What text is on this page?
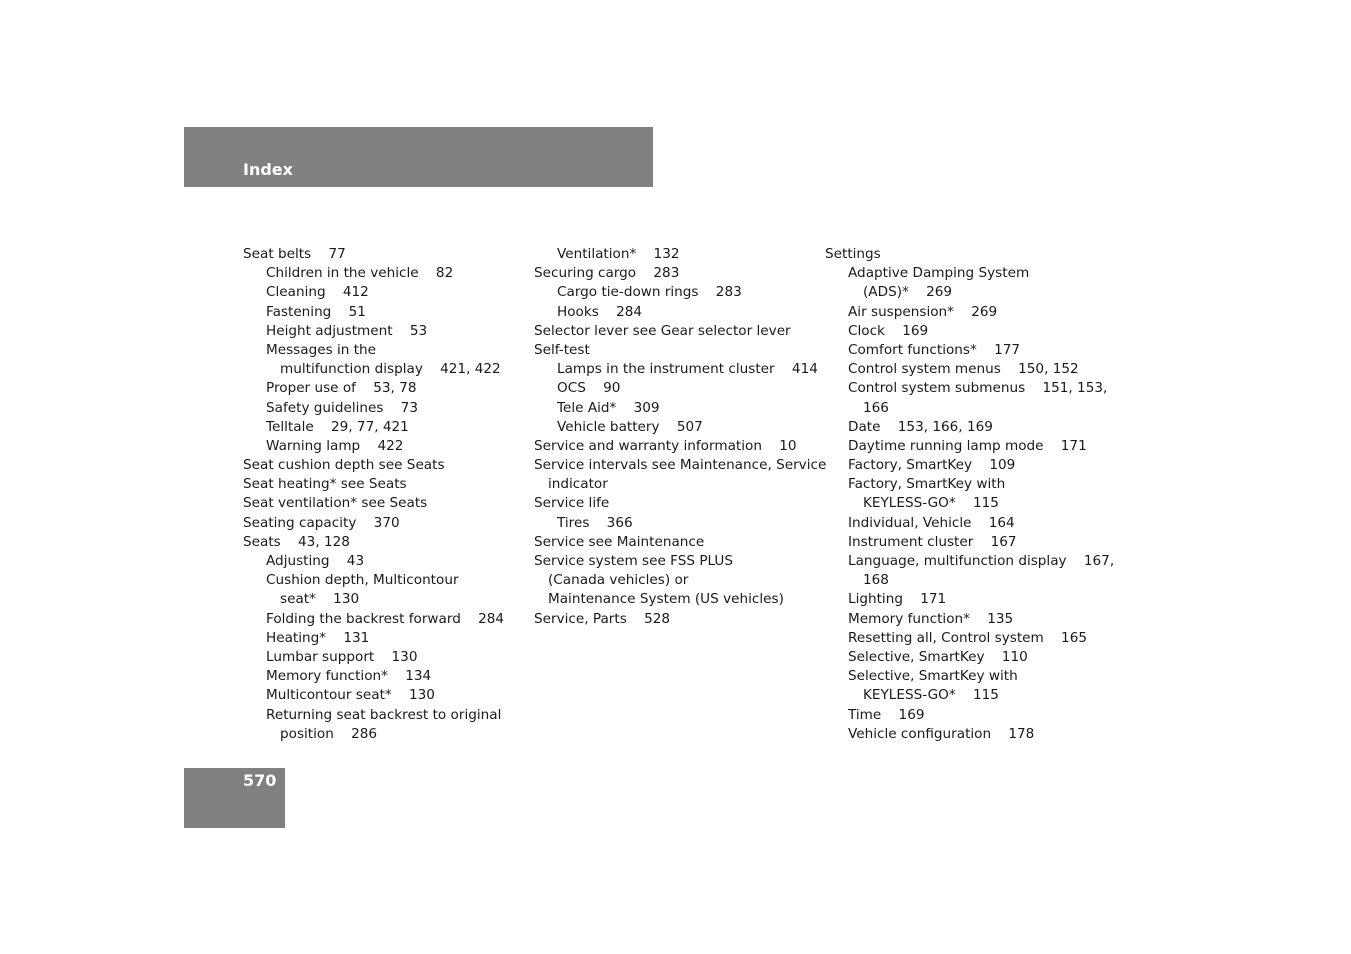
Index
Seat belts    77
Children in the vehicle    82
Cleaning    412
Fastening    51
Height adjustment    53
Messages in the
multifunction display    421, 422
Proper use of    53, 78
Safety guidelines    73
Telltale    29, 77, 421
Warning lamp    422
Seat cushion depth see Seats
Seat heating* see Seats
Seat ventilation* see Seats
Seating capacity    370
Seats    43, 128
Adjusting    43
Cushion depth, Multicontour
seat*    130
Folding the backrest forward    284
Heating*    131
Lumbar support    130
Memory function*    134
Multicontour seat*    130
Returning seat backrest to original
position    286
Ventilation*    132
Securing cargo    283
Cargo tie-down rings    283
Hooks    284
Selector lever see Gear selector lever
Self-test
Lamps in the instrument cluster    414
OCS    90
Tele Aid*    309
Vehicle battery    507
Service and warranty information    10
Service intervals see Maintenance, Service
indicator
Service life
Tires    366
Service see Maintenance
Service system see FSS PLUS
(Canada vehicles) or
Maintenance System (US vehicles)
Service, Parts    528
Settings
Adaptive Damping System
(ADS)*    269
Air suspension*    269
Clock    169
Comfort functions*    177
Control system menus    150, 152
Control system submenus    151, 153,
166
Date    153, 166, 169
Daytime running lamp mode    171
Factory, SmartKey    109
Factory, SmartKey with
KEYLESS-GO*    115
Individual, Vehicle    164
Instrument cluster    167
Language, multifunction display    167,
168
Lighting    171
Memory function*    135
Resetting all, Control system    165
Selective, SmartKey    110
Selective, SmartKey with
KEYLESS-GO*    115
Time    169
Vehicle configuration    178
570
